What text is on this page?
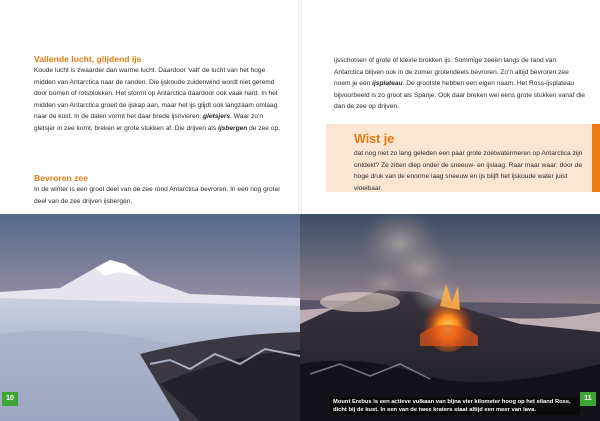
Vallende lucht, glijdend ijs
Koude lucht is zwaarder dan warme lucht. Daardoor 'valt' de lucht van het hoge midden van Antarctica naar de randen. Die ijskoude zuidenwind wordt niet geremd door bomen of rotsblokken. Het stormt op Antarctica daardoor ook vaak hard. In het midden van Antarctica groeit de ijskap aan, maar het ijs glijdt ook langzaam omlaag naar de kust. In de dalen vormt het daar brede ijsrivieren: gletsjers. Waar zo'n gletsjer in zee komt, breken er grote stukken af. Die drijven als ijsbergen de zee op.
Bevroren zee
In de winter is een groot deel van de zee rond Antarctica bevroren. In een nog groter deel van de zee drijven ijsbergen,
ijsschotsen of grote of kleine brokken ijs. Sommige zeeën langs de rand van Antarctica blijven ook in de zomer grotendeels bevroren. Zo'n altijd bevroren zee noem je een ijsplateau. De grootste hebben een eigen naam. Het Ross-ijsplateau bijvoorbeeld is zo groot als Spanje. Ook daar breken wel eens grote stukken vanaf die dan de zee op drijven.
Wist je
dat nog niet zo lang geleden een paar grote zoetwatermeren op Antarctica zijn ontdekt? Ze zitten diep onder de sneeuw- en ijslaag. Raar maar waar: door de hoge druk van de enorme laag sneeuw en ijs blijft het ijskoude water juist vloeibaar.
10	11
Mount Erebus is een actieve vulkaan van bijna vier kilometer hoog op het eiland Ross, dicht bij de kust. In een van de twee kraters staat altijd een meer van lava.
